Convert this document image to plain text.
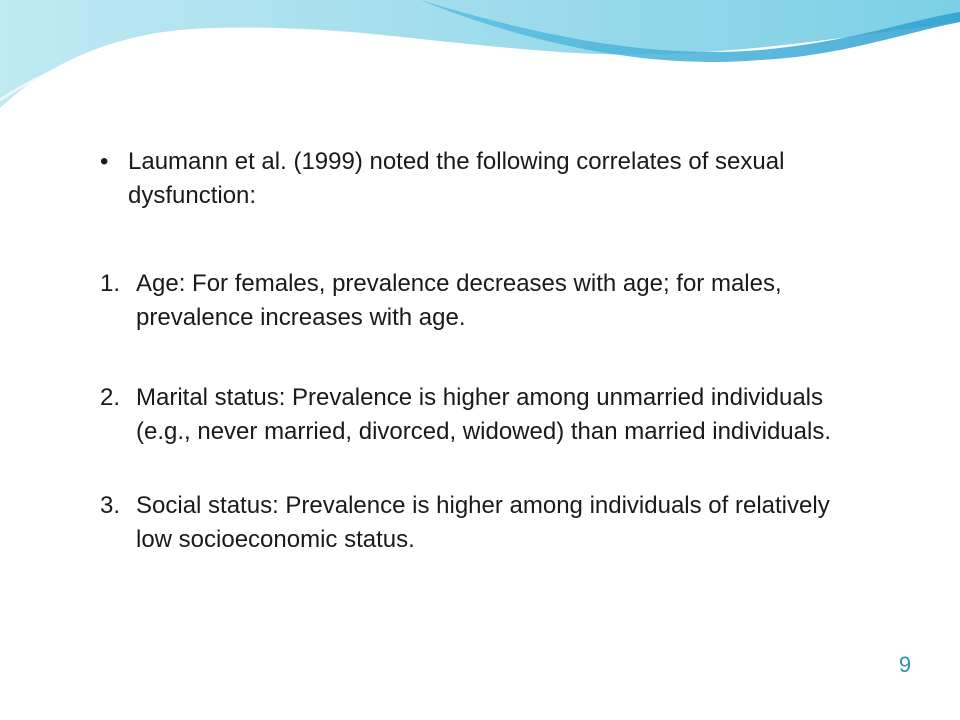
• Laumann et al. (1999) noted the following correlates of sexual dysfunction:
1. Age: For females, prevalence decreases with age; for males, prevalence increases with age.
2. Marital status: Prevalence is higher among unmarried individuals (e.g., never married, divorced, widowed) than married individuals.
3. Social status: Prevalence is higher among individuals of relatively low socioeconomic status.
9
